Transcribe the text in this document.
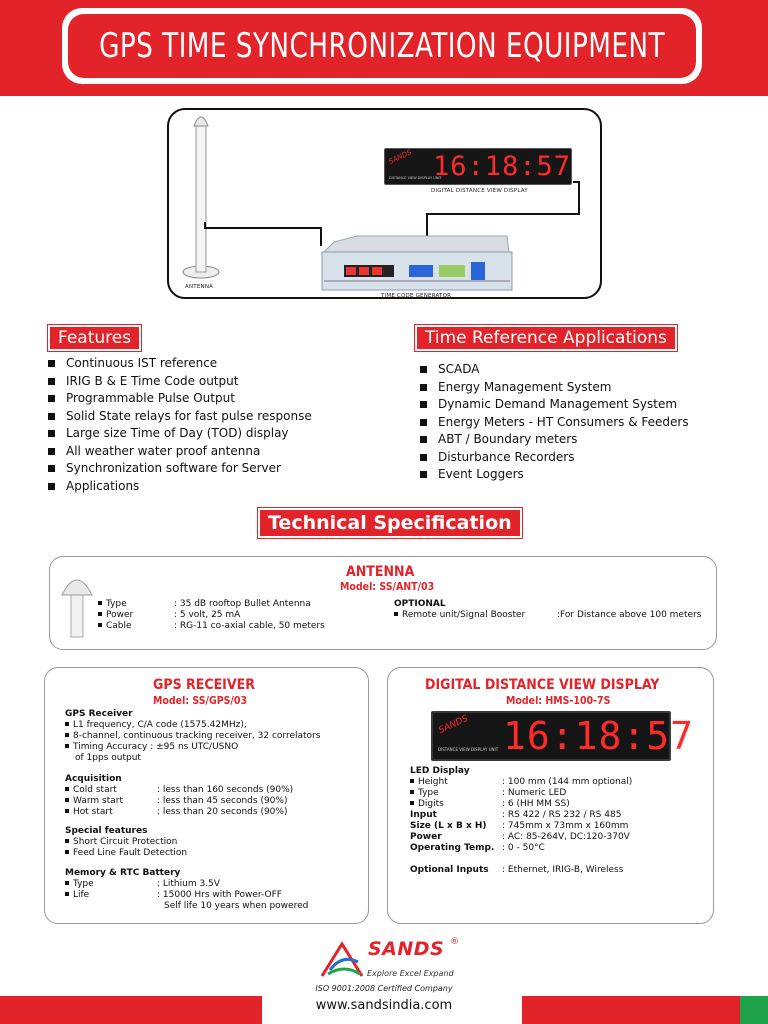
GPS TIME SYNCHRONIZATION EQUIPMENT
SANDS 16:18:57
DISTANCE VIEW DISPLAY UNIT
DIGITAL DISTANCE VIEW DISPLAY
TIME CODE GENERATOR
ANTENNA
Features
Continuous IST reference
IRIG B & E Time Code output
Programmable Pulse Output
Solid State relays for fast pulse response
Large size Time of Day (TOD) display
All weather water proof antenna
Synchronization software for Server
Applications
Time Reference Applications
SCADA
Energy Management System
Dynamic Demand Management System
Energy Meters - HT Consumers & Feeders
ABT / Boundary meters
Disturbance Recorders
Event Loggers
Technical Specification
ANTENNA
Model: SS/ANT/03
Type	: 35 dB rooftop Bullet Antenna
Power	: 5 volt, 25 mA
Cable	: RG-11 co-axial cable, 50 meters
OPTIONAL
Remote unit/Signal Booster	:For Distance above 100 meters
GPS RECEIVER
Model: SS/GPS/03
GPS Receiver
L1 frequency, C/A code (1575.42MHz),
8-channel, continuous tracking receiver, 32 correlators
Timing Accuracy : ±95 ns UTC/USNO
of 1pps output
Acquisition
Cold start	: less than 160 seconds (90%)
Warm start	: less than 45 seconds (90%)
Hot start	: less than 20 seconds (90%)
Special features
Short Circuit Protection
Feed Line Fault Detection
Memory & RTC Battery
Type	: Lithium 3.5V
Life	: 15000 Hrs with Power-OFF
Self life 10 years when powered
DIGITAL DISTANCE VIEW DISPLAY
Model: HMS-100-7S
SANDS 16:18:57
DISTANCE VIEW DISPLAY UNIT
LED Display
Height	: 100 mm (144 mm optional)
Type	: Numeric LED
Digits	: 6 (HH MM SS)
Input	: RS 422 / RS 232 / RS 485
Size (L x B x H)	: 745mm x 73mm x 160mm
Power	: AC: 85-264V, DC:120-370V
Operating Temp. : 0 - 50°C
Optional Inputs	: Ethernet, IRIG-B, Wireless
SANDS ®
Explore Excel Expand
ISO 9001:2008 Certified Company
www.sandsindia.com
